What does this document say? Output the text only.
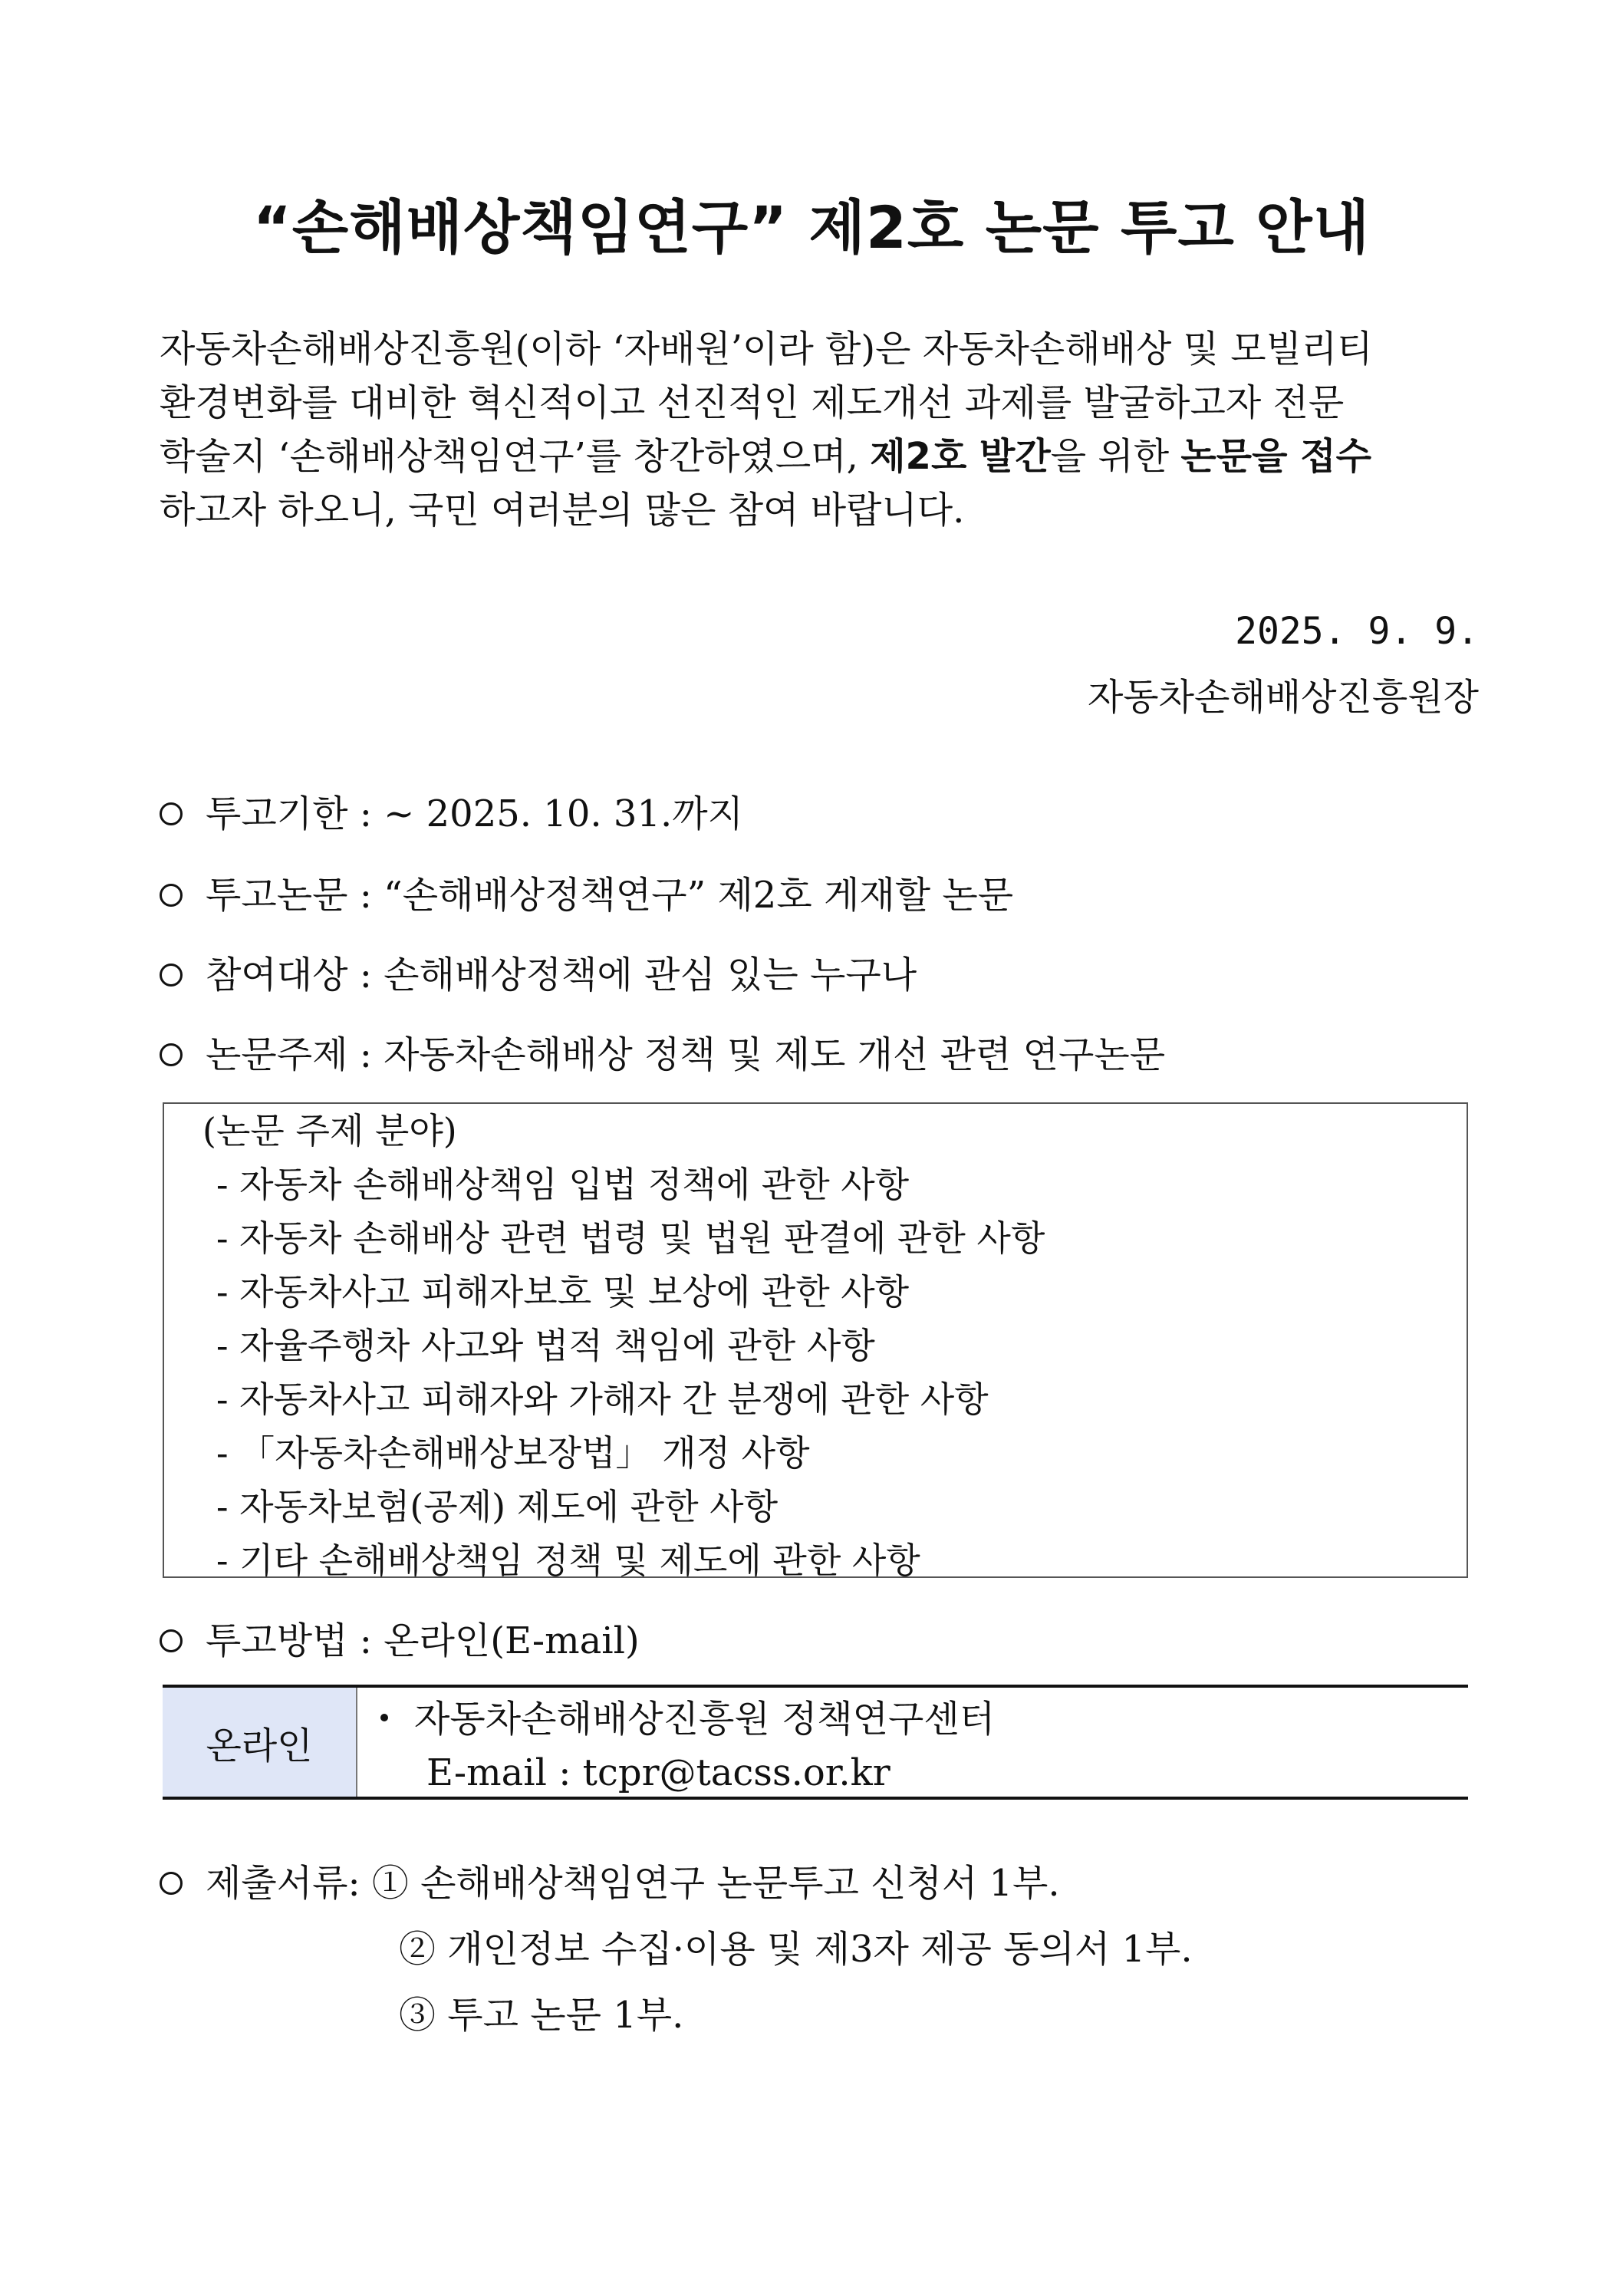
“손해배상책임연구” 제2호 논문 투고 안내
자동차손해배상진흥원(이하 ‘자배원’이라 함)은 자동차손해배상 및 모빌리티
환경변화를 대비한 혁신적이고 선진적인 제도개선 과제를 발굴하고자 전문
학술지 ‘손해배상책임연구’를 창간하였으며, 제2호 발간을 위한 논문을 접수
하고자 하오니, 국민 여러분의 많은 참여 바랍니다.
2025. 9. 9.
자동차손해배상진흥원장
투고기한 : ~ 2025. 10. 31.까지
투고논문 : “손해배상정책연구” 제2호 게재할 논문
참여대상 : 손해배상정책에 관심 있는 누구나
논문주제 : 자동차손해배상 정책 및 제도 개선 관련 연구논문
(논문 주제 분야)
- 자동차 손해배상책임 입법 정책에 관한 사항
- 자동차 손해배상 관련 법령 및 법원 판결에 관한 사항
- 자동차사고 피해자보호 및 보상에 관한 사항
- 자율주행차 사고와 법적 책임에 관한 사항
- 자동차사고 피해자와 가해자 간 분쟁에 관한 사항
- 「자동차손해배상보장법」 개정 사항
- 자동차보험(공제) 제도에 관한 사항
- 기타 손해배상책임 정책 및 제도에 관한 사항
투고방법 : 온라인(E-mail)
온라인
자동차손해배상진흥원 정책연구센터
E-mail : tcpr@tacss.or.kr
제출서류: ① 손해배상책임연구 논문투고 신청서 1부.
② 개인정보 수집·이용 및 제3자 제공 동의서 1부.
③ 투고 논문 1부.
